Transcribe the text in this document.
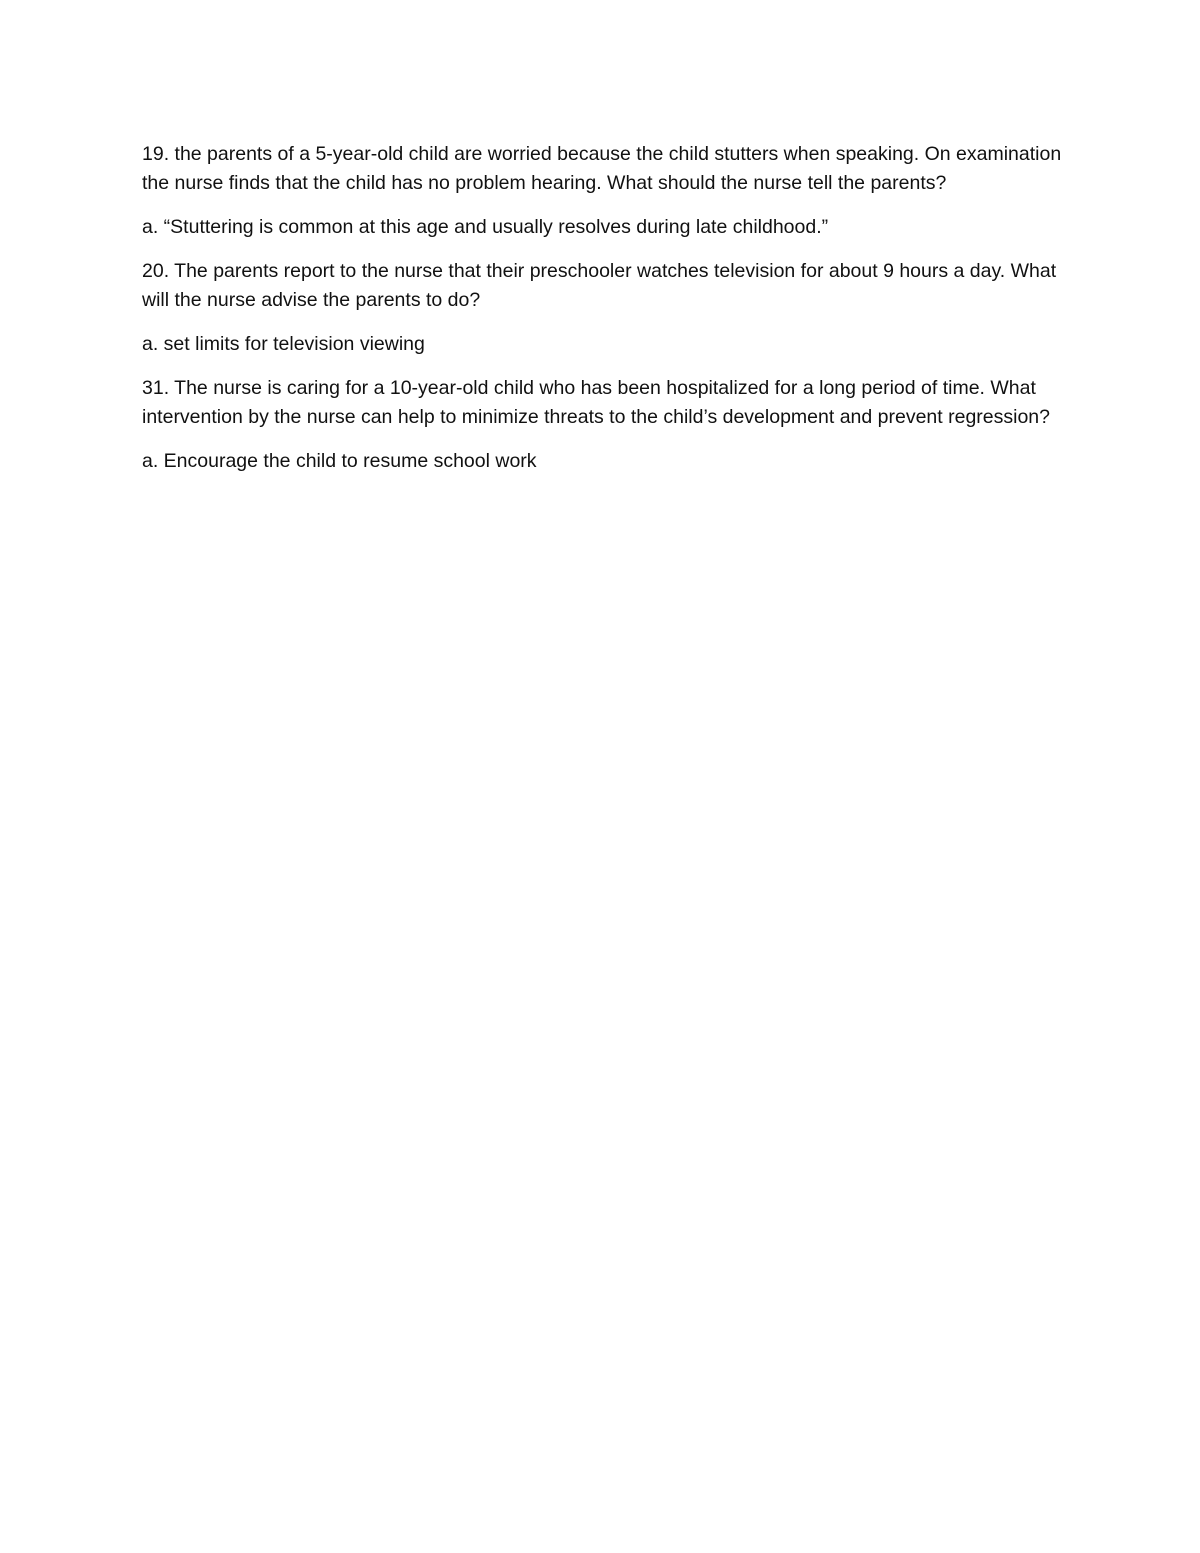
19. the parents of a 5-year-old child are worried because the child stutters when speaking. On examination the nurse finds that the child has no problem hearing. What should the nurse tell the parents?

a. “Stuttering is common at this age and usually resolves during late childhood.”

20. The parents report to the nurse that their preschooler watches television for about 9 hours a day. What will the nurse advise the parents to do?

a. set limits for television viewing

31. The nurse is caring for a 10-year-old child who has been hospitalized for a long period of time. What intervention by the nurse can help to minimize threats to the child’s development and prevent regression?

a. Encourage the child to resume school work
